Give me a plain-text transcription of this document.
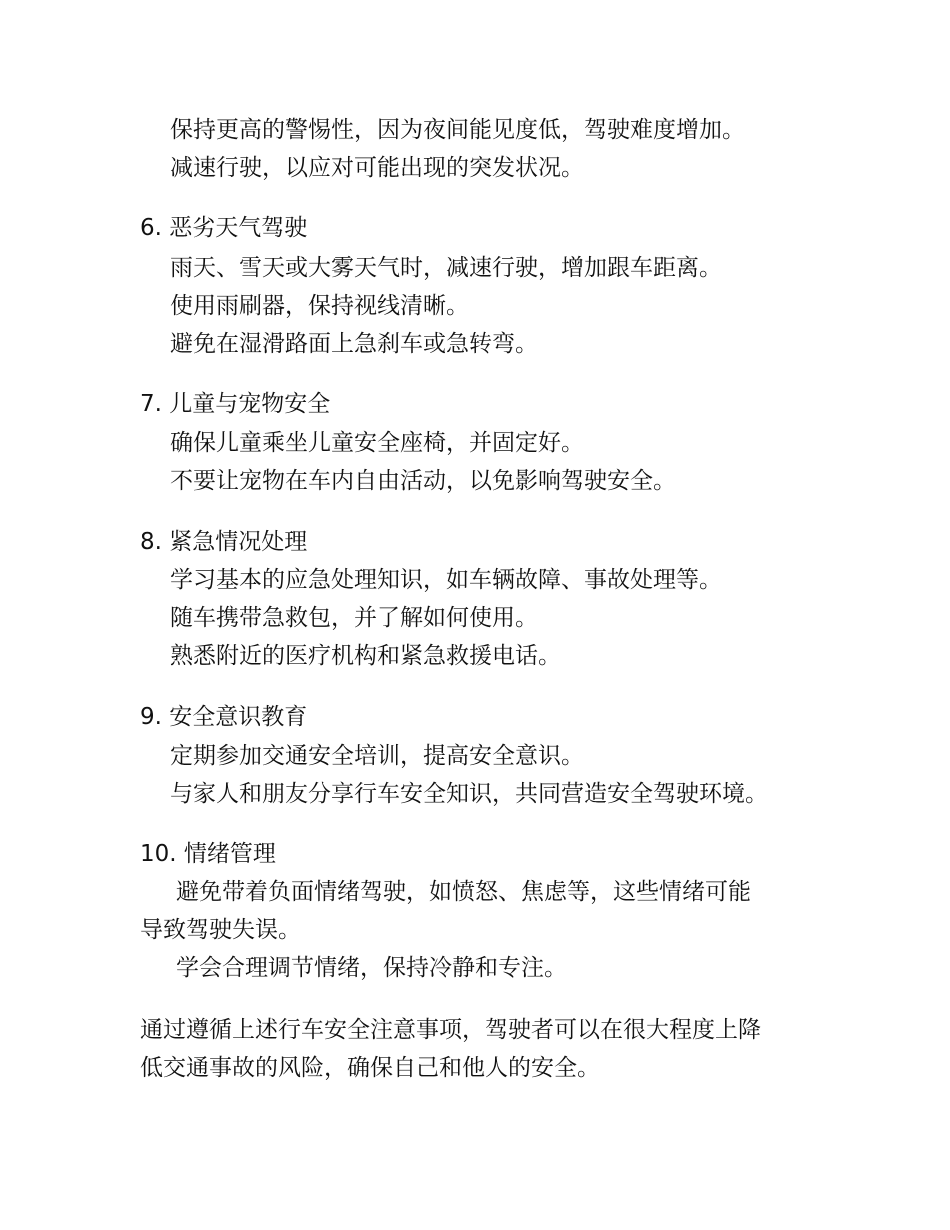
保持更高的警惕性，因为夜间能见度低，驾驶难度增加。
减速行驶，以应对可能出现的突发状况。
6. 恶劣天气驾驶
雨天、雪天或大雾天气时，减速行驶，增加跟车距离。
使用雨刷器，保持视线清晰。
避免在湿滑路面上急刹车或急转弯。
7. 儿童与宠物安全
确保儿童乘坐儿童安全座椅，并固定好。
不要让宠物在车内自由活动，以免影响驾驶安全。
8. 紧急情况处理
学习基本的应急处理知识，如车辆故障、事故处理等。
随车携带急救包，并了解如何使用。
熟悉附近的医疗机构和紧急救援电话。
9. 安全意识教育
定期参加交通安全培训，提高安全意识。
与家人和朋友分享行车安全知识，共同营造安全驾驶环境。
10. 情绪管理
避免带着负面情绪驾驶，如愤怒、焦虑等，这些情绪可能
导致驾驶失误。
学会合理调节情绪，保持冷静和专注。
通过遵循上述行车安全注意事项，驾驶者可以在很大程度上降
低交通事故的风险，确保自己和他人的安全。
